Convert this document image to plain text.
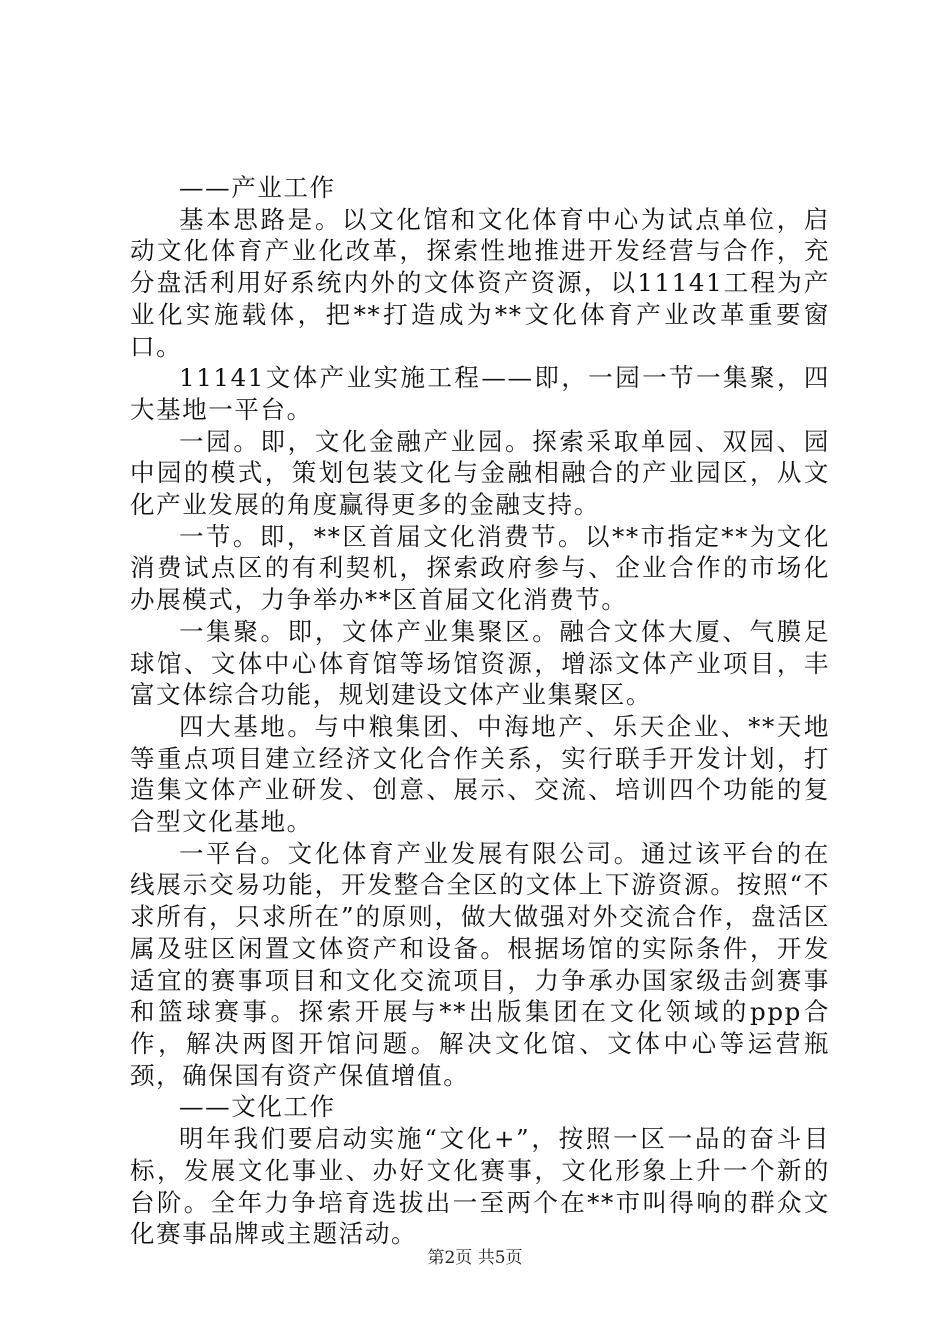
——产业工作

基本思路是。以文化馆和文化体育中心为试点单位，启动文化体育产业化改革，探索性地推进开发经营与合作，充分盘活利用好系统内外的文体资产资源，以11141工程为产业化实施载体，把**打造成为**文化体育产业改革重要窗口。

11141文体产业实施工程——即，一园一节一集聚，四大基地一平台。

一园。即，文化金融产业园。探索采取单园、双园、园中园的模式，策划包装文化与金融相融合的产业园区，从文化产业发展的角度赢得更多的金融支持。

一节。即，**区首届文化消费节。以**市指定**为文化消费试点区的有利契机，探索政府参与、企业合作的市场化办展模式，力争举办**区首届文化消费节。

一集聚。即，文体产业集聚区。融合文体大厦、气膜足球馆、文体中心体育馆等场馆资源，增添文体产业项目，丰富文体综合功能，规划建设文体产业集聚区。

四大基地。与中粮集团、中海地产、乐天企业、**天地等重点项目建立经济文化合作关系，实行联手开发计划，打造集文体产业研发、创意、展示、交流、培训四个功能的复合型文化基地。

一平台。文化体育产业发展有限公司。通过该平台的在线展示交易功能，开发整合全区的文体上下游资源。按照“不求所有，只求所在”的原则，做大做强对外交流合作，盘活区属及驻区闲置文体资产和设备。根据场馆的实际条件，开发适宜的赛事项目和文化交流项目，力争承办国家级击剑赛事和篮球赛事。探索开展与**出版集团在文化领域的ppp合作，解决两图开馆问题。解决文化馆、文体中心等运营瓶颈，确保国有资产保值增值。

——文化工作

明年我们要启动实施“文化+”，按照一区一品的奋斗目标，发展文化事业、办好文化赛事，文化形象上升一个新的台阶。全年力争培育选拔出一至两个在**市叫得响的群众文化赛事品牌或主题活动。

第2页 共5页
